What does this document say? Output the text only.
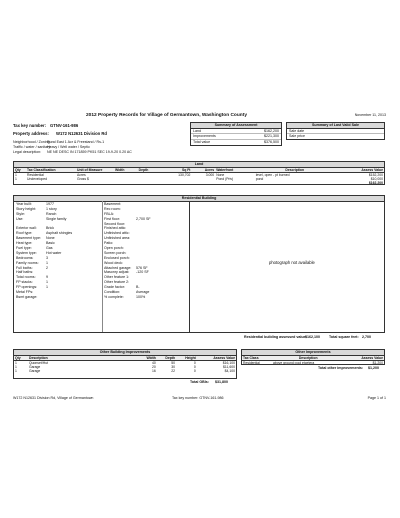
2012 Property Records for Village of Germantown, Washington County	November 11, 2013
Tax key number: GTNV-161-986
Property address: W172 N12631 Division Rd
Neighborhood / Zoning:
Rural East 1 Acr & Freestand / Rs-1
Traffic / water / sanitary:
Heavy / Well water / Septic
Legal description: NE NE DESC IN 171859 PK51 SEC 19-9-20 0.20 AC
Summary of Assessment
Land	$162,200
Improvements	$221,300
Total value	$376,500
Summary of Last Valid Sale
Sale date
Sale price
Land
Qty	Tax Classification	Unit of Measure	Width	Depth	Sq Ft	Acres	Waterfront	Description	Assess Value
1	Residential	Acres			130,702	3.000	None	level, open - pt burned	$152,200
1	Undeveloped	Gross $					Pond (Priv)	pond	$10,000
									$162,200
Residential Building
Year built:	1977
Story height:	1 story
Style:	Ranch
Use:	Single family
Exterior wall:	Brick
Roof type:	Asphalt shingles
Basement type: None
Heat type:	Basic
Fuel type:	Gas
System type:	Hot water
Bedrooms:	3
Family rooms: 1
Full baths:	2
Half baths:
Total rooms:	9
FP stacks:	1
FP openings: 1
Metal FPs:
Bsmt garage:
Basement:
Rec room:
FBLA:
First floor:	2,700 SF
Second floor:
Finished attic:
Unfinished attic:
Unfinished area:
Patio:
Open porch:
Screen porch:
Enclosed porch:
Wood deck:
Attached garage: 576 SF
Masonry adjust: -120 SF
Other feature 1:
Other feature 2:
Grade factor:	B-
Condition:	Average
% complete:	100%
photograph not available
Residential building assessed value:
$162,100	Total square feet: 2,700
Other Building Improvements
Qty	Description	Width	Depth	Height	Assess Value
1	Quonset/Hut	40	50	0	$16,100
1	Garage	20	30	0	$11,600
1	Garage	16	22	0	$4,100
Total OBIs: $31,800
Other Improvements
Tax Class	Description	Assess Value
Residential	above ground pool etcetera	$1,200
Total other improvements: $1,200
W172 N12631 Division Rd, Village of Germantown	Tax key number: GTNV-161-986	Page 1 of 1
